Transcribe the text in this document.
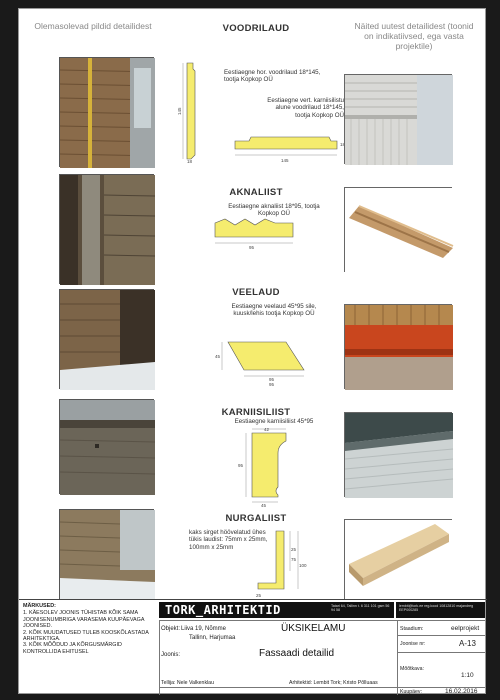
Olemasolevad pildid detailidest	Näited uutest detailidest (toonid on indikatiivsed, ega vasta projektile)
VOODRILAUD
145
18
Eestiaegne hor. voodrilaud 18*145, tootja Kopkop OÜ
Eestiaegne vert. karniisilistu alune voodrilaud 18*145, tootja Kopkop OÜ
145
18
AKNALIIST
Eestiaegne aknaliist 18*95, tootja Kopkop OÜ
95
VEELAUD
Eestiaegne veelaud 45*95 sile, kuusk/lehis tootja Kopkop OÜ
45
95
95
KARNIISILIIST
Eestiaegne karniisiliist 45*95
42
95
45
NURGALIIST
kaks sirget höövelatud ühes tükis laudist: 75mm x 25mm, 100mm x 25mm	25
75
100
25
MÄRKUSED:
1. KÄESOLEV JOONIS TÜHISTAB KÕIK SAMA JOONISENUMBRIGA VARASEMA KUUPÄEVAGA JOONISED.
2. KÕIK MUUDATUSED TULEB KOOSKÕLASTADA ARHITEKTIGA.
3. KÕIK MÕÕDUD JA KÕRGUSMÄRGID KONTROLLIDA EHITUSEL
TORK_ARHITEKTID	Tatari 64, Tallinn t. 6 311 101 gsm 56 94 58
lembit@tork.ee reg.kood 10812810 majandreg EEP000285
Objekt: Liiva 19, Nõmme
Tallinn, Harjumaa
ÜKSIKELAMU
Joonis:	Fassaadi detailid
Tellija: Nele Valkenklau	Arhitektid: Lembit Tork; Kristo Põlluaas
Staadium:	eelprojekt
Joonise nr:	A-13
Mõõtkava:
1:10
Kuupäev:	16.02.2016
